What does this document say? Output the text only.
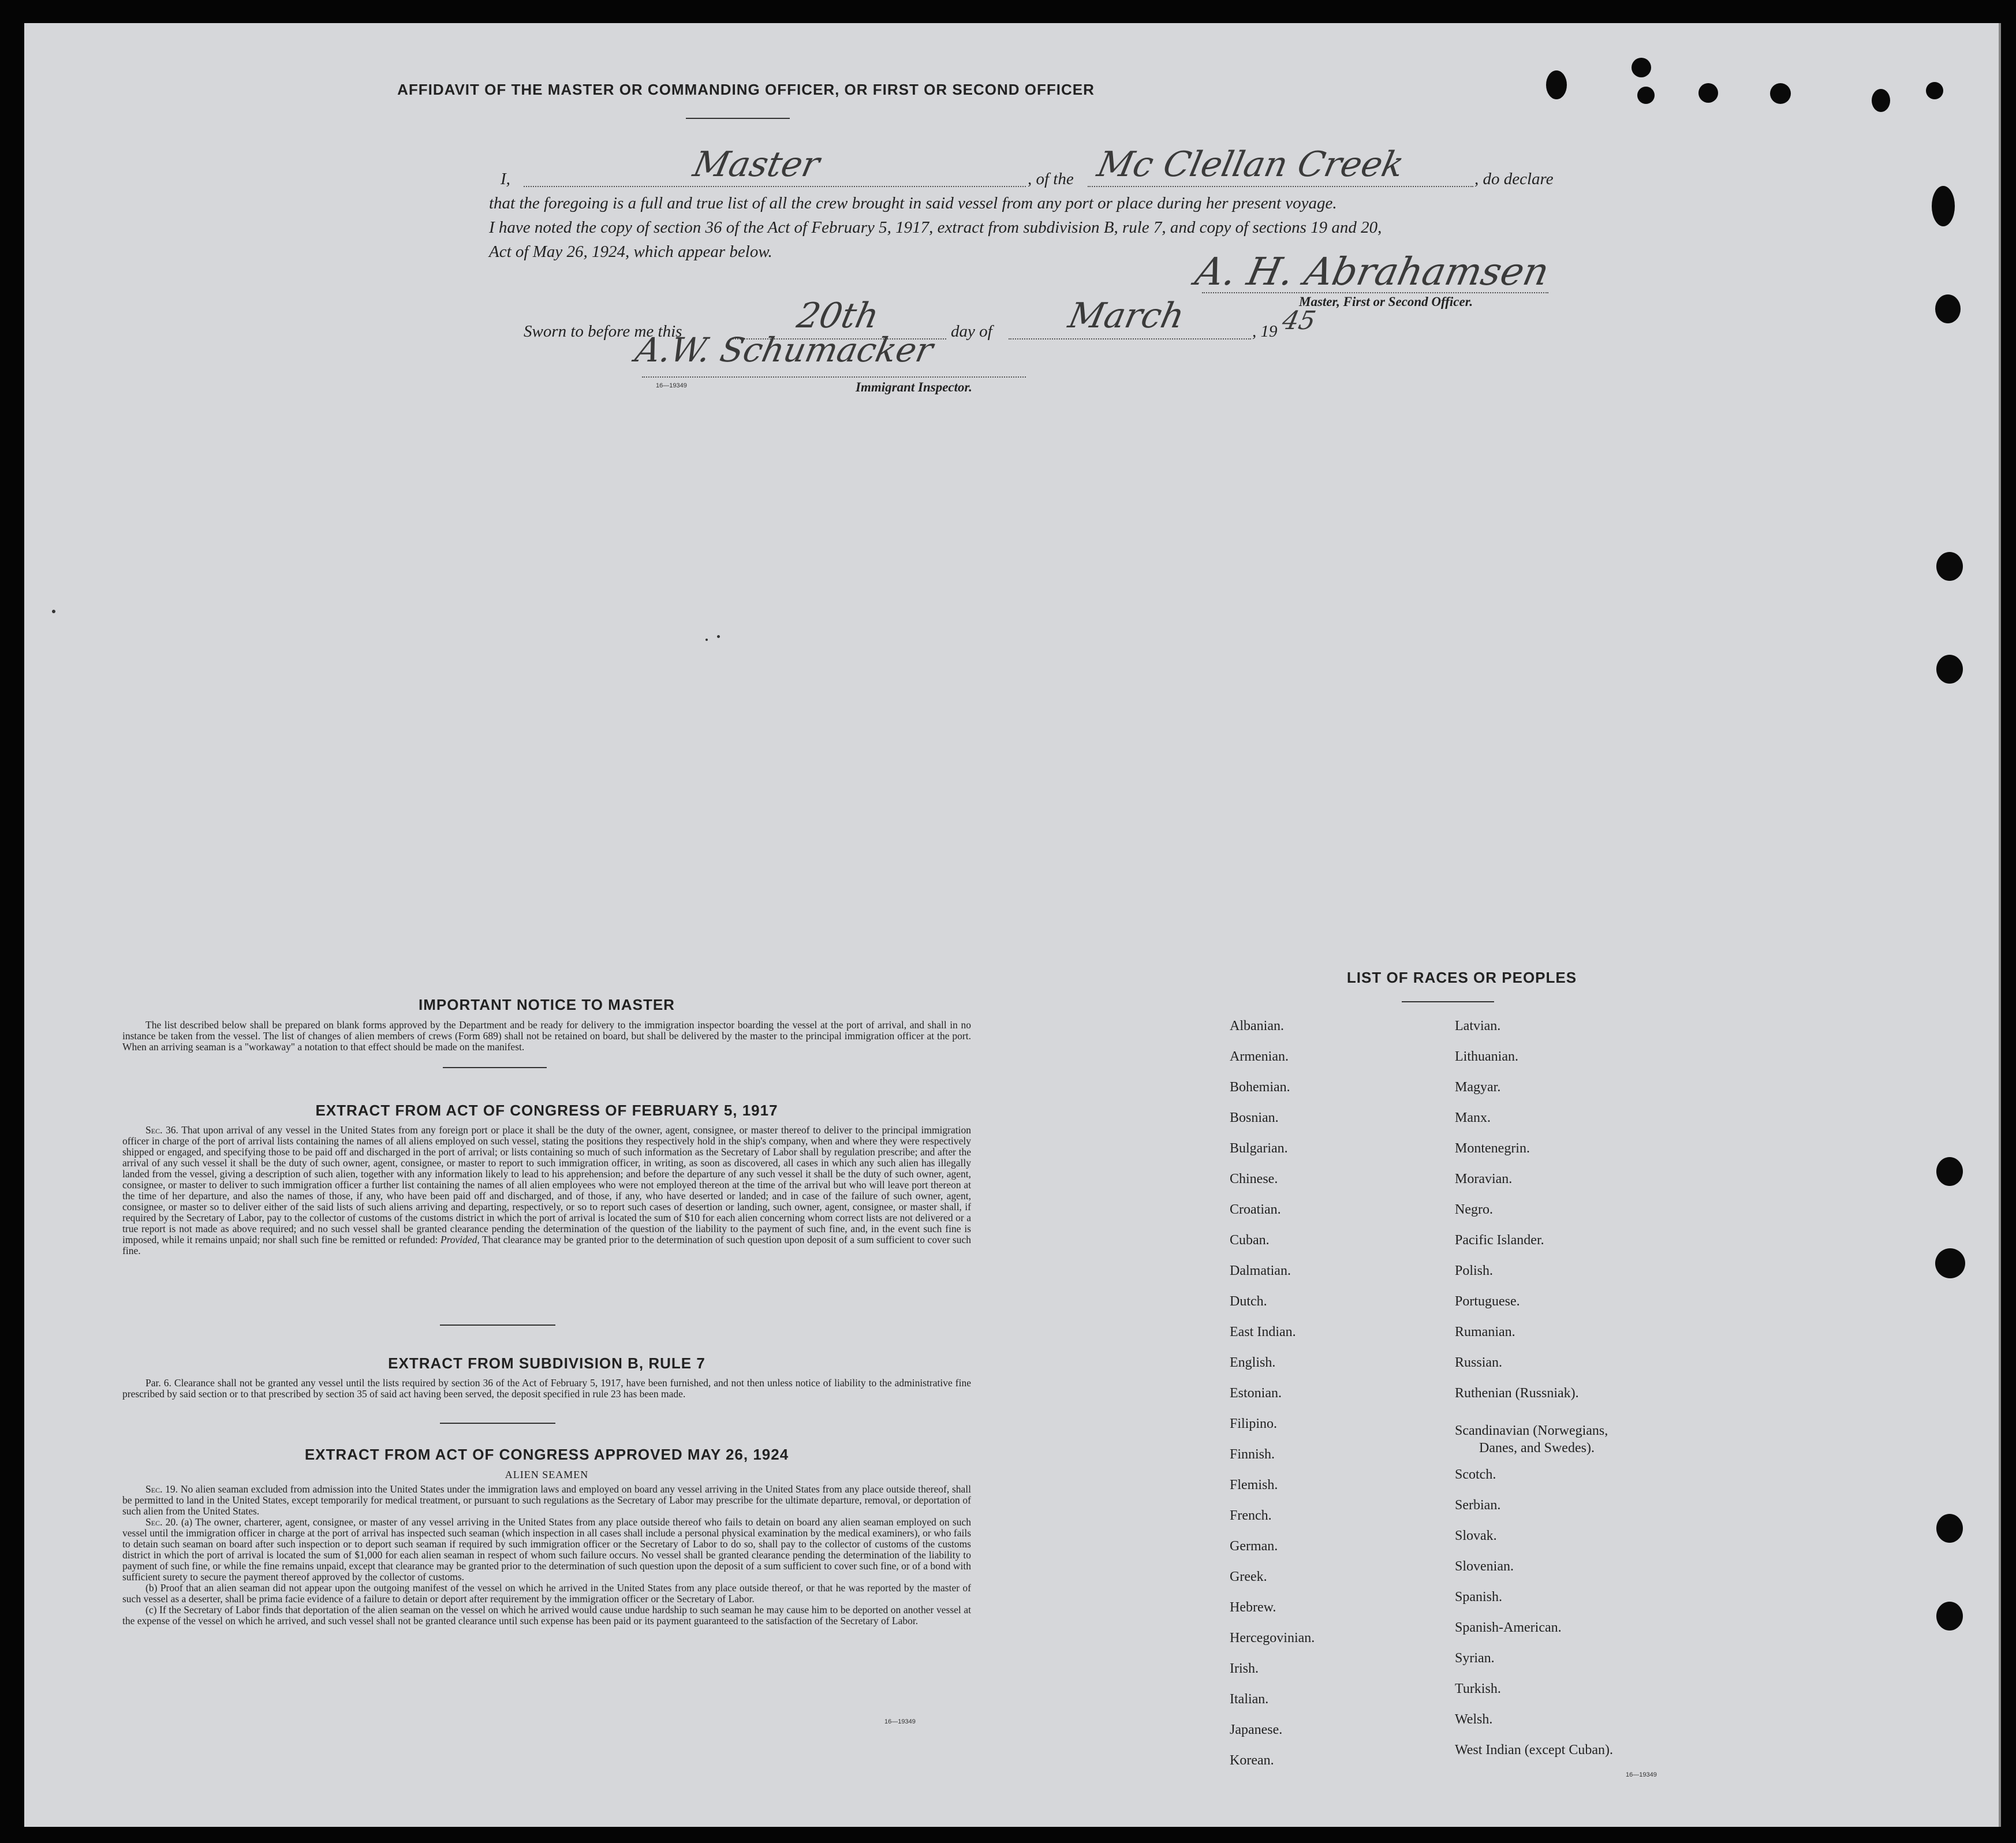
AFFIDAVIT OF THE MASTER OR COMMANDING OFFICER, OR FIRST OR SECOND OFFICER
I,	Master	, of the Mc Clellan Creek	, do declare
that the foregoing is a full and true list of all the crew brought in said vessel from any port or place during her present voyage.
I have noted the copy of section 36 of the Act of February 5, 1917, extract from subdivision B, rule 7, and copy of sections 19 and 20,
Act of May 26, 1924, which appear below.	A. H. Abrahamsen
Master, First or Second Officer.
Sworn to before me this	20th	day of March	, 19 45
A.W. Schumacker
16—19349	Immigrant Inspector.
IMPORTANT NOTICE TO MASTER

The list described below shall be prepared on blank forms approved by the Department and be ready for delivery to the immigration inspector boarding the vessel at the port of arrival, and shall in no instance be taken from the vessel. The list of changes of alien members of crews (Form 689) shall not be retained on board, but shall be delivered by the master to the principal immigration officer at the port. When an arriving seaman is a "workaway" a notation to that effect should be made on the manifest.

EXTRACT FROM ACT OF CONGRESS OF FEBRUARY 5, 1917

Sec. 36. That upon arrival of any vessel in the United States from any foreign port or place it shall be the duty of the owner, agent, consignee, or master thereof to deliver to the principal immigration officer in charge of the port of arrival lists containing the names of all aliens employed on such vessel, stating the positions they respectively hold in the ship's company, when and where they were respectively shipped or engaged, and specifying those to be paid off and discharged in the port of arrival; or lists containing so much of such information as the Secretary of Labor shall by regulation prescribe; and after the arrival of any such vessel it shall be the duty of such owner, agent, consignee, or master to report to such immigration officer, in writing, as soon as discovered, all cases in which any such alien has illegally landed from the vessel, giving a description of such alien, together with any information likely to lead to his apprehension; and before the departure of any such vessel it shall be the duty of such owner, agent, consignee, or master to deliver to such immigration officer a further list containing the names of all alien employees who were not employed thereon at the time of the arrival but who will leave port thereon at the time of her departure, and also the names of those, if any, who have been paid off and discharged, and of those, if any, who have deserted or landed; and in case of the failure of such owner, agent, consignee, or master so to deliver either of the said lists of such aliens arriving and departing, respectively, or so to report such cases of desertion or landing, such owner, agent, consignee, or master shall, if required by the Secretary of Labor, pay to the collector of customs of the customs district in which the port of arrival is located the sum of $10 for each alien concerning whom correct lists are not delivered or a true report is not made as above required; and no such vessel shall be granted clearance pending the determination of the question of the liability to the payment of such fine, and, in the event such fine is imposed, while it remains unpaid; nor shall such fine be remitted or refunded: Provided, That clearance may be granted prior to the determination of such question upon deposit of a sum sufficient to cover such fine.

EXTRACT FROM SUBDIVISION B, RULE 7

Par. 6. Clearance shall not be granted any vessel until the lists required by section 36 of the Act of February 5, 1917, have been furnished, and not then unless notice of liability to the administrative fine prescribed by said section or to that prescribed by section 35 of said act having been served, the deposit specified in rule 23 has been made.

EXTRACT FROM ACT OF CONGRESS APPROVED MAY 26, 1924
ALIEN SEAMEN

Sec. 19. No alien seaman excluded from admission into the United States under the immigration laws and employed on board any vessel arriving in the United States from any place outside thereof, shall be permitted to land in the United States, except temporarily for medical treatment, or pursuant to such regulations as the Secretary of Labor may prescribe for the ultimate departure, removal, or deportation of such alien from the United States.

Sec. 20. (a) The owner, charterer, agent, consignee, or master of any vessel arriving in the United States from any place outside thereof who fails to detain on board any alien seaman employed on such vessel until the immigration officer in charge at the port of arrival has inspected such seaman (which inspection in all cases shall include a personal physical examination by the medical examiners), or who fails to detain such seaman on board after such inspection or to deport such seaman if required by such immigration officer or the Secretary of Labor to do so, shall pay to the collector of customs of the customs district in which the port of arrival is located the sum of $1,000 for each alien seaman in respect of whom such failure occurs. No vessel shall be granted clearance pending the determination of the liability to payment of such fine, or while the fine remains unpaid, except that clearance may be granted prior to the determination of such question upon the deposit of a sum sufficient to cover such fine, or of a bond with sufficient surety to secure the payment thereof approved by the collector of customs.

(b) Proof that an alien seaman did not appear upon the outgoing manifest of the vessel on which he arrived in the United States from any place outside thereof, or that he was reported by the master of such vessel as a deserter, shall be prima facie evidence of a failure to detain or deport after requirement by the immigration officer or the Secretary of Labor.

(c) If the Secretary of Labor finds that deportation of the alien seaman on the vessel on which he arrived would cause undue hardship to such seaman he may cause him to be deported on another vessel at the expense of the vessel on which he arrived, and such vessel shall not be granted clearance until such expense has been paid or its payment guaranteed to the satisfaction of the Secretary of Labor.

16—19349
LIST OF RACES OR PEOPLES
16—19349
Albanian.
Armenian.
Bohemian.
Bosnian.
Bulgarian.
Chinese.
Croatian.
Cuban.
Dalmatian.
Dutch.
East Indian.
English.
Estonian.
Filipino.
Finnish.
Flemish.
French.
German.
Greek.
Hebrew.
Hercegovinian.
Irish.
Italian.
Japanese.
Korean.
Latvian.
Lithuanian.
Magyar.
Manx.
Montenegrin.
Moravian.
Negro.
Pacific Islander.
Polish.
Portuguese.
Rumanian.
Russian.
Ruthenian (Russniak).
Scandinavian (Norwegians,
Danes, and Swedes).
Scotch.
Serbian.
Slovak.
Slovenian.
Spanish.
Spanish-American.
Syrian.
Turkish.
Welsh.
West Indian (except Cuban).
